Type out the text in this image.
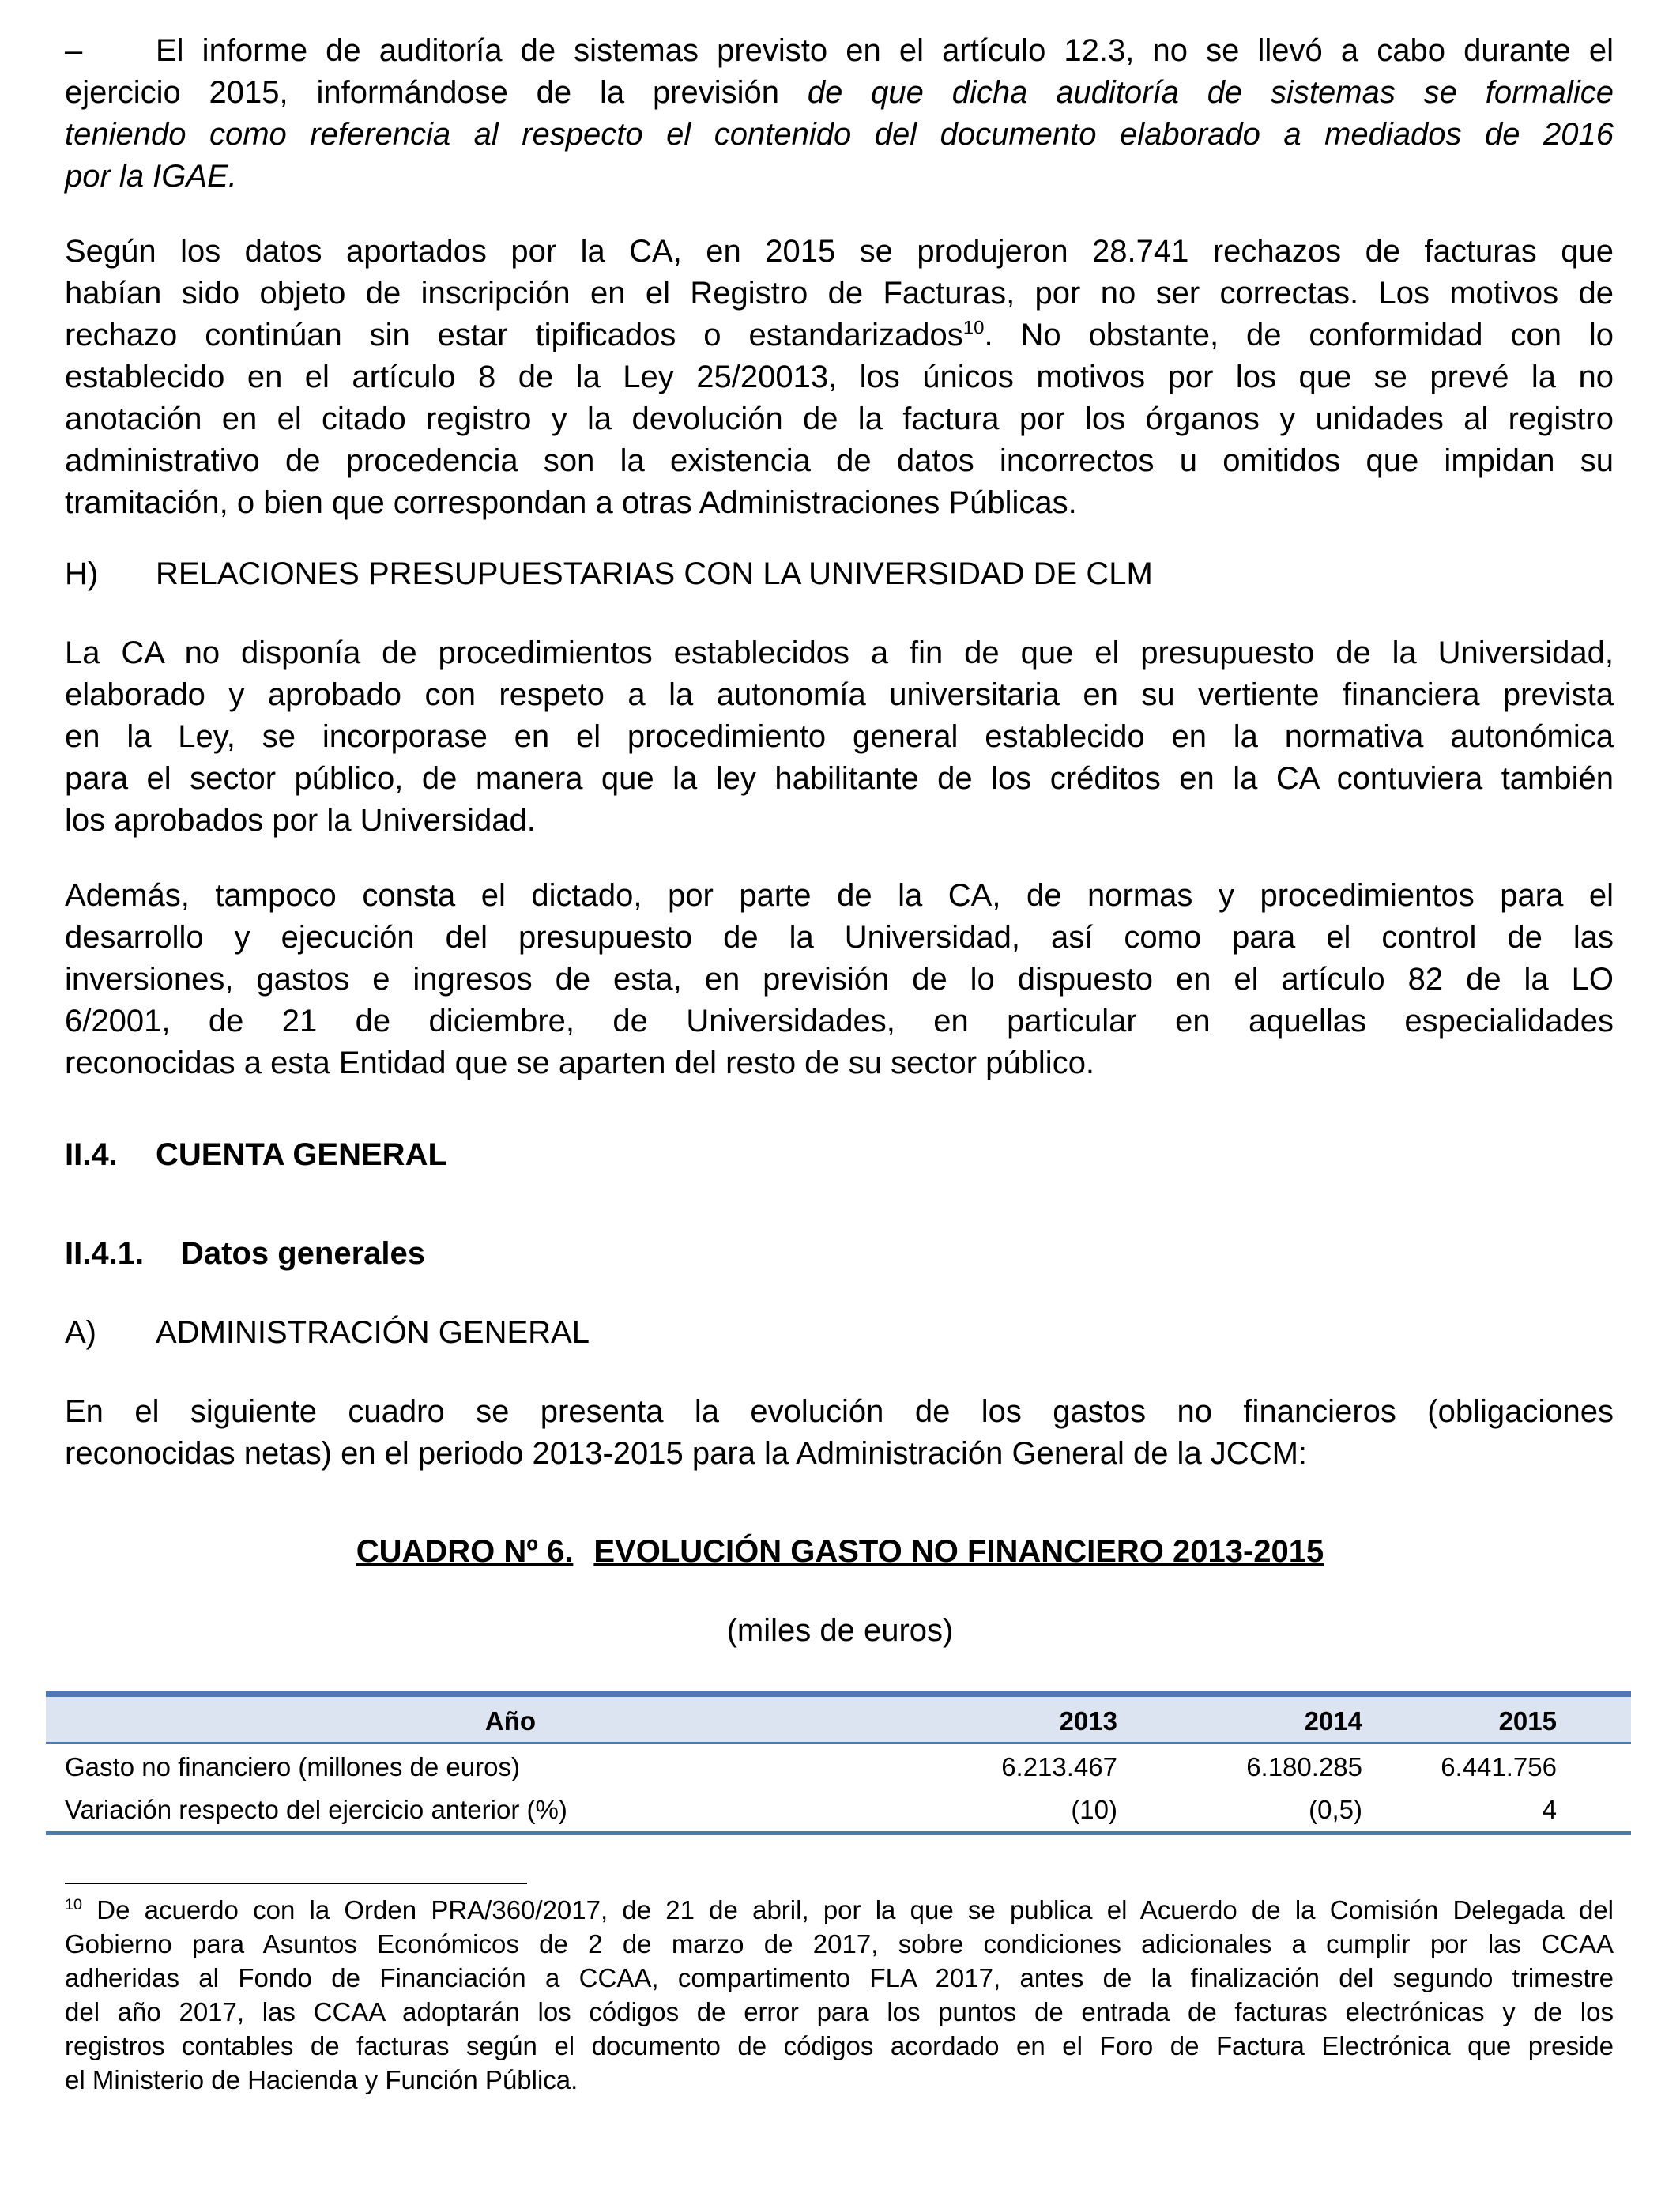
– El informe de auditoría de sistemas previsto en el artículo 12.3, no se llevó a cabo durante el
ejercicio 2015, informándose de la previsión de que dicha auditoría de sistemas se formalice
teniendo como referencia al respecto el contenido del documento elaborado a mediados de 2016
por la IGAE.
Según los datos aportados por la CA, en 2015 se produjeron 28.741 rechazos de facturas que
habían sido objeto de inscripción en el Registro de Facturas, por no ser correctas. Los motivos de
rechazo continúan sin estar tipificados o estandarizados$^{10}$. No obstante, de conformidad con lo
establecido en el artículo 8 de la Ley 25/20013, los únicos motivos por los que se prevé la no
anotación en el citado registro y la devolución de la factura por los órganos y unidades al registro
administrativo de procedencia son la existencia de datos incorrectos u omitidos que impidan su
tramitación, o bien que correspondan a otras Administraciones Públicas.
H) RELACIONES PRESUPUESTARIAS CON LA UNIVERSIDAD DE CLM
La CA no disponía de procedimientos establecidos a fin de que el presupuesto de la Universidad,
elaborado y aprobado con respeto a la autonomía universitaria en su vertiente financiera prevista
en la Ley, se incorporase en el procedimiento general establecido en la normativa autonómica
para el sector público, de manera que la ley habilitante de los créditos en la CA contuviera también
los aprobados por la Universidad.
Además, tampoco consta el dictado, por parte de la CA, de normas y procedimientos para el
desarrollo y ejecución del presupuesto de la Universidad, así como para el control de las
inversiones, gastos e ingresos de esta, en previsión de lo dispuesto en el artículo 82 de la LO
6/2001, de 21 de diciembre, de Universidades, en particular en aquellas especialidades
reconocidas a esta Entidad que se aparten del resto de su sector público.
II.4. CUENTA GENERAL
II.4.1. Datos generales
A) ADMINISTRACIÓN GENERAL
En el siguiente cuadro se presenta la evolución de los gastos no financieros (obligaciones
reconocidas netas) en el periodo 2013-2015 para la Administración General de la JCCM:
CUADRO Nº 6. EVOLUCIÓN GASTO NO FINANCIERO 2013-2015
(miles de euros)
Año	2013	2014	2015
Gasto no financiero (millones de euros)	6.213.467	6.180.285	6.441.756
Variación respecto del ejercicio anterior (%)	(10)	(0,5)	4
$^{10}$ De acuerdo con la Orden PRA/360/2017, de 21 de abril, por la que se publica el Acuerdo de la Comisión Delegada del
Gobierno para Asuntos Económicos de 2 de marzo de 2017, sobre condiciones adicionales a cumplir por las CCAA
adheridas al Fondo de Financiación a CCAA, compartimento FLA 2017, antes de la finalización del segundo trimestre
del año 2017, las CCAA adoptarán los códigos de error para los puntos de entrada de facturas electrónicas y de los
registros contables de facturas según el documento de códigos acordado en el Foro de Factura Electrónica que preside
el Ministerio de Hacienda y Función Pública.
